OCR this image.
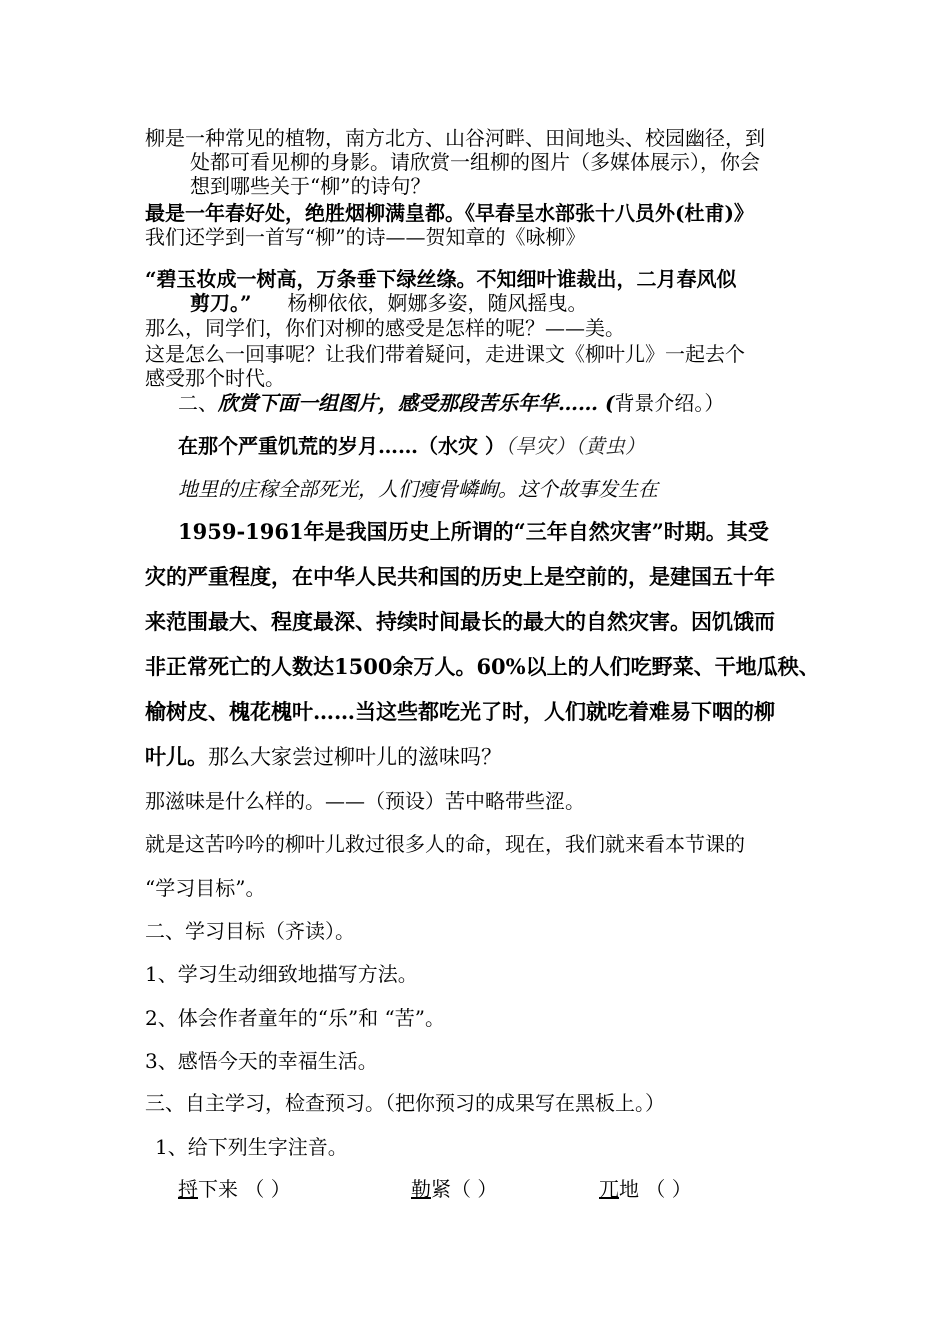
柳是一种常见的植物，南方北方、山谷河畔、田间地头、校园幽径，到
处都可看见柳的身影。请欣赏一组柳的图片（多媒体展示），你会
想到哪些关于“柳”的诗句？
最是一年春好处，绝胜烟柳满皇都。《早春呈水部张十八员外(杜甫)》
我们还学到一首写“柳”的诗——贺知章的《咏柳》
“碧玉妆成一树高，万条垂下绿丝绦。不知细叶谁裁出，二月春风似
剪刀。” 杨柳依依，婀娜多姿，随风摇曳。
那么，同学们，你们对柳的感受是怎样的呢？——美。
这是怎么一回事呢？让我们带着疑问，走进课文《柳叶儿》一起去个
感受那个时代。
二、欣赏下面一组图片，感受那段苦乐年华…… (背景介绍。）
在那个严重饥荒的岁月……（水灾 ）（旱灾）（黄虫）
地里的庄稼全部死光，人们瘦骨嶙峋。这个故事发生在
1959-1961年是我国历史上所谓的“三年自然灾害”时期。其受
灾的严重程度，在中华人民共和国的历史上是空前的，是建国五十年
来范围最大、程度最深、持续时间最长的最大的自然灾害。因饥饿而
非正常死亡的人数达1500余万人。60%以上的人们吃野菜、干地瓜秧、
榆树皮、槐花槐叶……当这些都吃光了时，人们就吃着难易下咽的柳
叶儿。那么大家尝过柳叶儿的滋味吗？
那滋味是什么样的。——（预设）苦中略带些涩。
就是这苦吟吟的柳叶儿救过很多人的命，现在，我们就来看本节课的
“学习目标”。
二、学习目标（齐读）。
1、学习生动细致地描写方法。
2、体会作者童年的“乐”和 “苦”。
3、感悟今天的幸福生活。
三、自主学习，检查预习。（把你预习的成果写在黑板上。）
1、给下列生字注音。
捋下来 （ ）	勒紧（ ）	兀地 （ ）
